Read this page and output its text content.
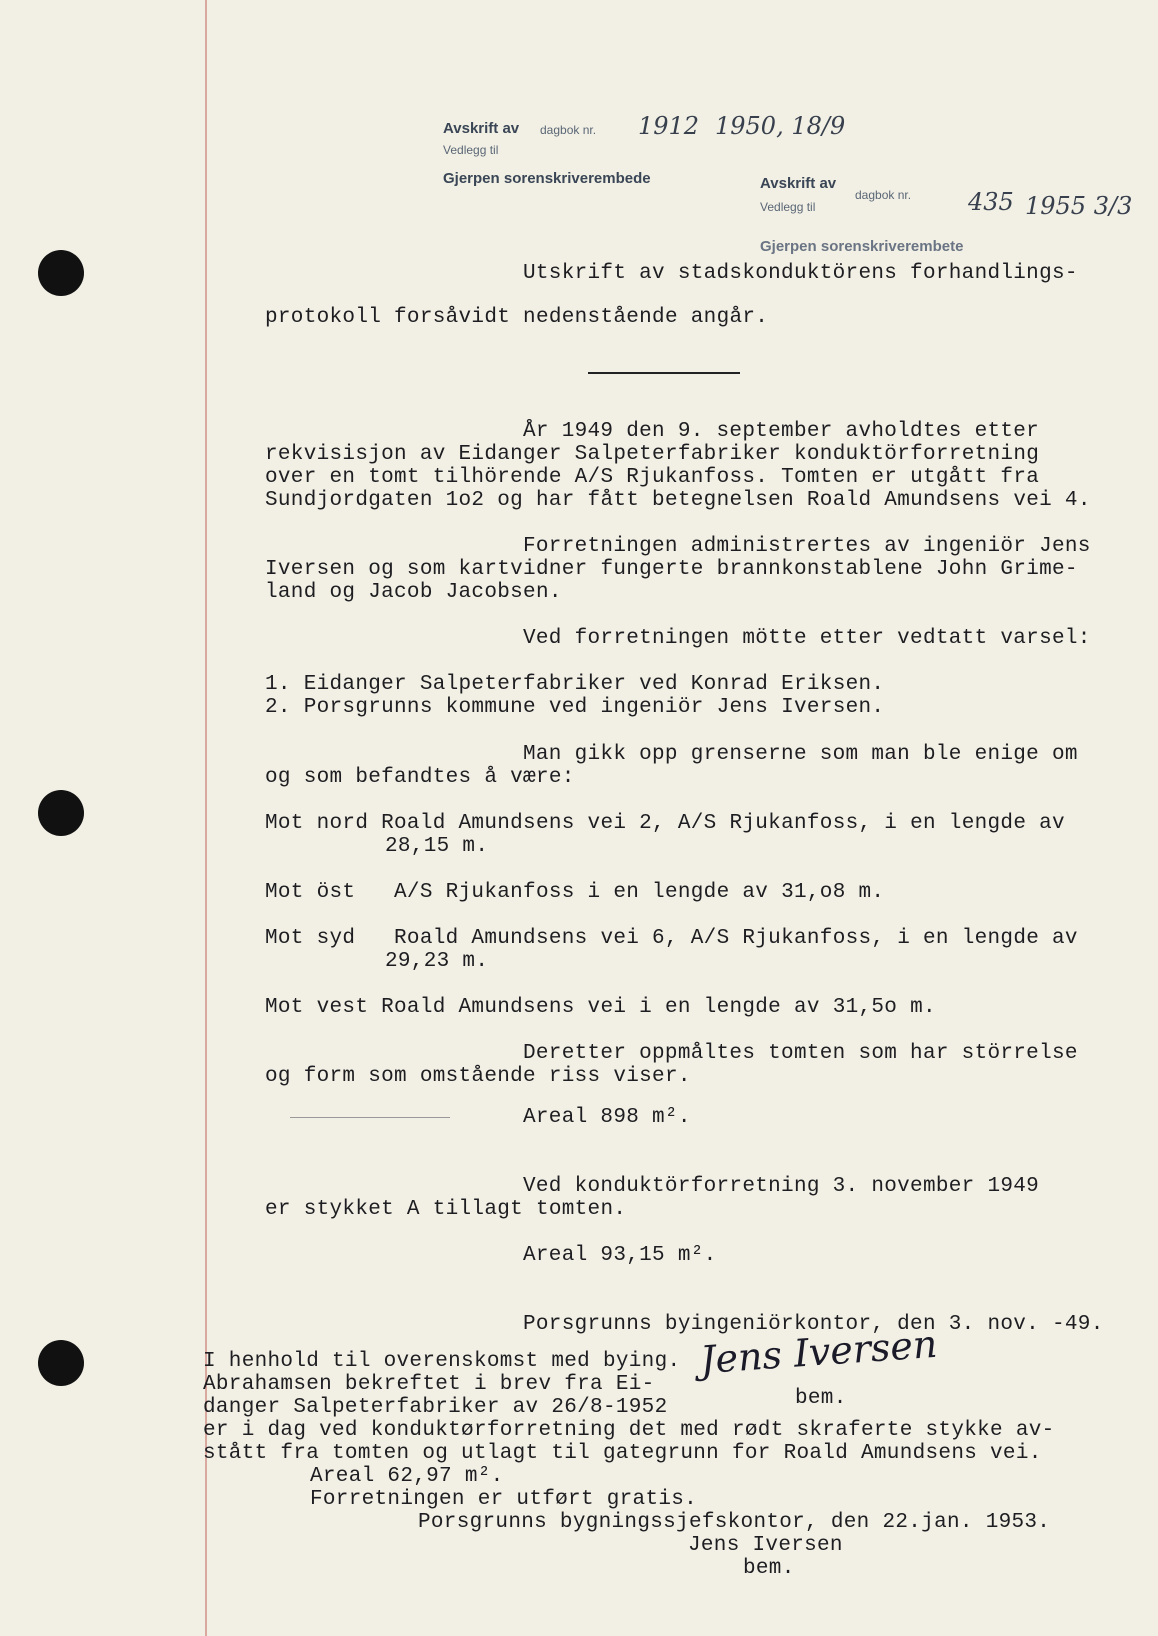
Avskrift av dagbok nr. 1912 1950, 18/9
Vedlegg til
Gjerpen sorenskriverembede	Avskrift av
dagbok nr. 435 1955 3/3
Vedlegg til
Gjerpen sorenskriverembete
Utskrift av stadskonduktörens forhandlings-
protokoll forsåvidt nedenstående angår.
År 1949 den 9. september avholdtes etter
rekvisisjon av Eidanger Salpeterfabriker konduktörforretning
over en tomt tilhörende A/S Rjukanfoss. Tomten er utgått fra
Sundjordgaten 1o2 og har fått betegnelsen Roald Amundsens vei 4.
Forretningen administrertes av ingeniör Jens
Iversen og som kartvidner fungerte brannkonstablene John Grime-
land og Jacob Jacobsen.
Ved forretningen mötte etter vedtatt varsel:
1. Eidanger Salpeterfabriker ved Konrad Eriksen.
2. Porsgrunns kommune ved ingeniör Jens Iversen.
Man gikk opp grenserne som man ble enige om
og som befandtes å være:
Mot nord Roald Amundsens vei 2, A/S Rjukanfoss, i en lengde av
28,15 m.
Mot öst   A/S Rjukanfoss i en lengde av 31,o8 m.
Mot syd   Roald Amundsens vei 6, A/S Rjukanfoss, i en lengde av
29,23 m.
Mot vest Roald Amundsens vei i en lengde av 31,5o m.
Deretter oppmåltes tomten som har störrelse
og form som omstående riss viser.
Areal 898 m².
Ved konduktörforretning 3. november 1949
er stykket A tillagt tomten.
Areal 93,15 m².
Porsgrunns byingeniörkontor, den 3. nov. -49.
Jens Iversen
bem.
I henhold til overenskomst med bying.
Abrahamsen bekreftet i brev fra Ei-
danger Salpeterfabriker av 26/8-1952
er i dag ved konduktørforretning det med rødt skraferte stykke av-
stått fra tomten og utlagt til gategrunn for Roald Amundsens vei.
Areal 62,97 m².
Forretningen er utført gratis.
Porsgrunns bygningssjefskontor, den 22.jan. 1953.
Jens Iversen
bem.
